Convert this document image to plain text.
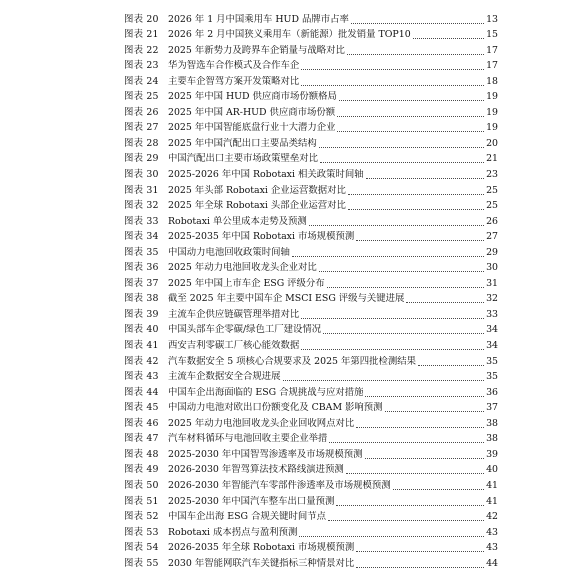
图表 20 2026 年 1 月中国乘用车 HUD 品牌市占率	13
图表 21 2026 年 2 月中国狭义乘用车（新能源）批发销量 TOP10	15
图表 22 2025 年新势力及跨界车企销量与战略对比	17
图表 23 华为智选车合作模式及合作车企	17
图表 24 主要车企智驾方案开发策略对比	18
图表 25 2025 年中国 HUD 供应商市场份额格局	19
图表 26 2025 年中国 AR-HUD 供应商市场份额	19
图表 27 2025 年中国智能底盘行业十大潜力企业	19
图表 28 2025 年中国汽配出口主要品类结构	20
图表 29 中国汽配出口主要市场政策壁垒对比	21
图表 30 2025-2026 年中国 Robotaxi 相关政策时间轴	23
图表 31 2025 年头部 Robotaxi 企业运营数据对比	25
图表 32 2025 年全球 Robotaxi 头部企业运营对比	25
图表 33 Robotaxi 单公里成本走势及预测	26
图表 34 2025-2035 年中国 Robotaxi 市场规模预测	27
图表 35 中国动力电池回收政策时间轴	29
图表 36 2025 年动力电池回收龙头企业对比	30
图表 37 2025 年中国上市车企 ESG 评级分布	31
图表 38 截至 2025 年主要中国车企 MSCI ESG 评级与关键进展	32
图表 39 主流车企供应链碳管理举措对比	33
图表 40 中国头部车企零碳/绿色工厂建设情况	34
图表 41 西安吉利零碳工厂核心能效数据	34
图表 42 汽车数据安全 5 项核心合规要求及 2025 年第四批检测结果	35
图表 43 主流车企数据安全合规进展	35
图表 44 中国车企出海面临的 ESG 合规挑战与应对措施	36
图表 45 中国动力电池对欧出口份额变化及 CBAM 影响预测	37
图表 46 2025 年动力电池回收龙头企业回收网点对比	38
图表 47 汽车材料循环与电池回收主要企业举措	38
图表 48 2025-2030 年中国智驾渗透率及市场规模预测	39
图表 49 2026-2030 年智驾算法技术路线演进预测	40
图表 50 2026-2030 年智能汽车零部件渗透率及市场规模预测	41
图表 51 2025-2030 年中国汽车整车出口量预测	41
图表 52 中国车企出海 ESG 合规关键时间节点	42
图表 53 Robotaxi 成本拐点与盈利预测	43
图表 54 2026-2035 年全球 Robotaxi 市场规模预测	43
图表 55 2030 年智能网联汽车关键指标三种情景对比	44
